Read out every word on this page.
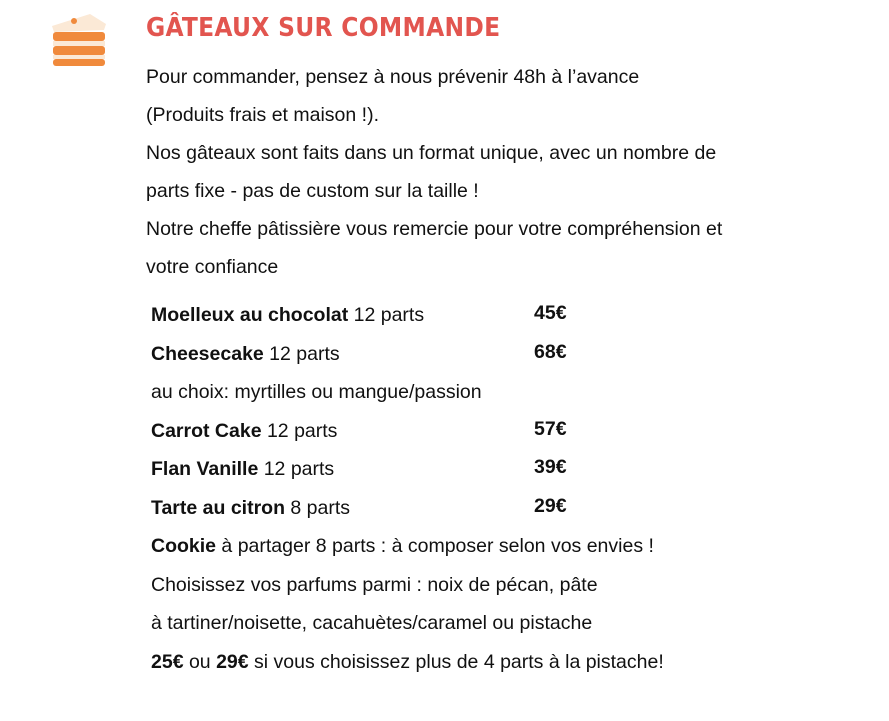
GÂTEAUX SUR COMMANDE

Pour commander, pensez à nous prévenir 48h à l’avance

(Produits frais et maison !).

Nos gâteaux sont faits dans un format unique, avec un nombre de

parts fixe - pas de custom sur la taille !

Notre cheffe pâtissière vous remercie pour votre compréhension et

votre confiance

Moelleux au chocolat 12 parts	45€
Cheesecake 12 parts	68€
au choix: myrtilles ou mangue/passion
Carrot Cake 12 parts	57€
Flan Vanille 12 parts	39€
Tarte au citron 8 parts	29€
Cookie à partager 8 parts : à composer selon vos envies !
Choisissez vos parfums parmi : noix de pécan, pâte
à tartiner/noisette, cacahuètes/caramel ou pistache
25€ ou 29€ si vous choisissez plus de 4 parts à la pistache!
